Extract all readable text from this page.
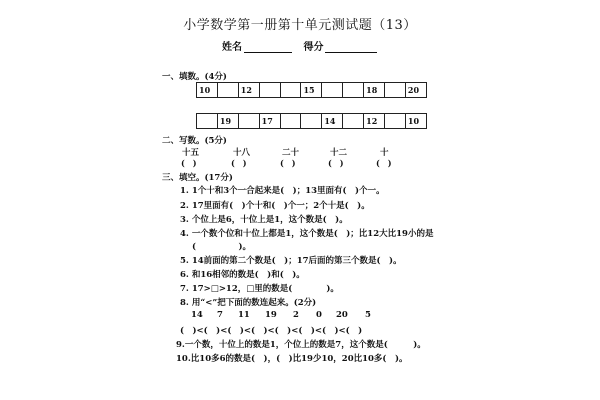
小学数学第一册第十单元测试题（13）
姓名	得分
一、填数。(4分)
10		12			15			18		20
	19		17			14		12		10
二、写数。(5分)
十五	十八	二十	十二	十
(　)	(　)	(　)	(　)	(　)
三、填空。(17分)
1. 1个十和3个一合起来是(　)；13里面有(　)个一。
2. 17里面有(　)个十和(　)个一；2个十是(　)。
3. 个位上是6，十位上是1，这个数是(　)。
4. 一个数个位和十位上都是1，这个数是(　)；比12大比19小的是
(　　　　　)。
5. 14前面的第二个数是(　)；17后面的第三个数是(　)。
6. 和16相邻的数是(　)和(　)。
7. 17>□>12，□里的数是(　　　　)。
8. 用“<”把下面的数连起来。(2分)
14 7 11 19 2 0 20 5
(　)<(　)<(　)<(　)<(　)<(　)<(　)<(　)
9.一个数，十位上的数是1，个位上的数是7，这个数是(　　　)。
10.比10多6的数是(　)，(　)比19少10，20比10多(　)。
